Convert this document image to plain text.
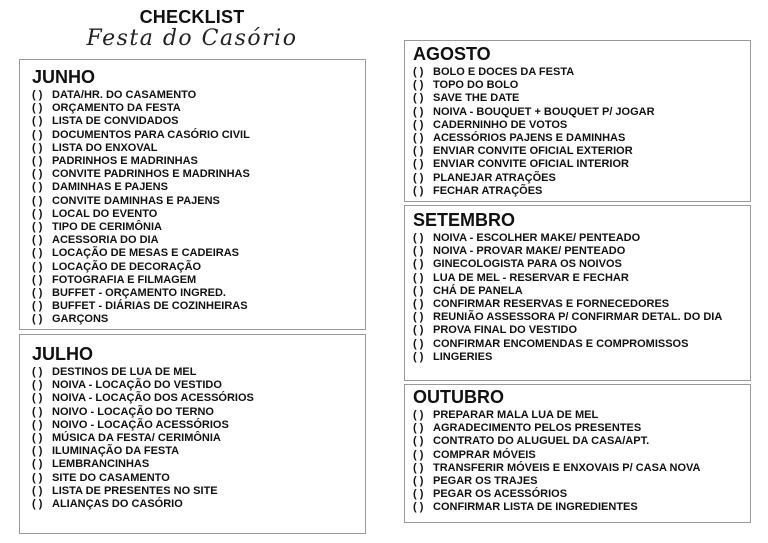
CHECKLIST
Festa do Casório
JUNHO
( ) DATA/HR. DO CASAMENTO
( ) ORÇAMENTO DA FESTA
( ) LISTA DE CONVIDADOS
( ) DOCUMENTOS PARA CASÓRIO CIVIL
( ) LISTA DO ENXOVAL
( ) PADRINHOS E MADRINHAS
( ) CONVITE PADRINHOS E MADRINHAS
( ) DAMINHAS E PAJENS
( ) CONVITE DAMINHAS E PAJENS
( ) LOCAL DO EVENTO
( ) TIPO DE CERIMÔNIA
( ) ACESSORIA DO DIA
( ) LOCAÇÃO DE MESAS E CADEIRAS
( ) LOCAÇÃO DE DECORAÇÃO
( ) FOTOGRAFIA E FILMAGEM
( ) BUFFET - ORÇAMENTO INGRED.
( ) BUFFET - DIÁRIAS DE COZINHEIRAS
( ) GARÇONS
JULHO
( ) DESTINOS DE LUA DE MEL
( ) NOIVA - LOCAÇÃO DO VESTIDO
( ) NOIVA - LOCAÇÃO DOS ACESSÓRIOS
( ) NOIVO - LOCAÇÃO DO TERNO
( ) NOIVO - LOCAÇÃO ACESSÓRIOS
( ) MÚSICA DA FESTA/ CERIMÔNIA
( ) ILUMINAÇÃO DA FESTA
( ) LEMBRANCINHAS
( ) SITE DO CASAMENTO
( ) LISTA DE PRESENTES NO SITE
( ) ALIANÇAS DO CASÓRIO
AGOSTO
( ) BOLO E DOCES DA FESTA
( ) TOPO DO BOLO
( ) SAVE THE DATE
( ) NOIVA - BOUQUET + BOUQUET P/ JOGAR
( ) CADERNINHO DE VOTOS
( ) ACESSÓRIOS PAJENS E DAMINHAS
( ) ENVIAR CONVITE OFICIAL EXTERIOR
( ) ENVIAR CONVITE OFICIAL INTERIOR
( ) PLANEJAR ATRAÇÕES
( ) FECHAR ATRAÇÕES
SETEMBRO
( ) NOIVA - ESCOLHER MAKE/ PENTEADO
( ) NOIVA - PROVAR MAKE/ PENTEADO
( ) GINECOLOGISTA PARA OS NOIVOS
( ) LUA DE MEL - RESERVAR E FECHAR
( ) CHÁ DE PANELA
( ) CONFIRMAR RESERVAS E FORNECEDORES
( ) REUNIÃO ASSESSORA P/ CONFIRMAR DETAL. DO DIA
( ) PROVA FINAL DO VESTIDO
( ) CONFIRMAR ENCOMENDAS E COMPROMISSOS
( ) LINGERIES
OUTUBRO
( ) PREPARAR MALA LUA DE MEL
( ) AGRADECIMENTO PELOS PRESENTES
( ) CONTRATO DO ALUGUEL DA CASA/APT.
( ) COMPRAR MÓVEIS
( ) TRANSFERIR MÓVEIS E ENXOVAIS P/ CASA NOVA
( ) PEGAR OS TRAJES
( ) PEGAR OS ACESSÓRIOS
( ) CONFIRMAR LISTA DE INGREDIENTES
